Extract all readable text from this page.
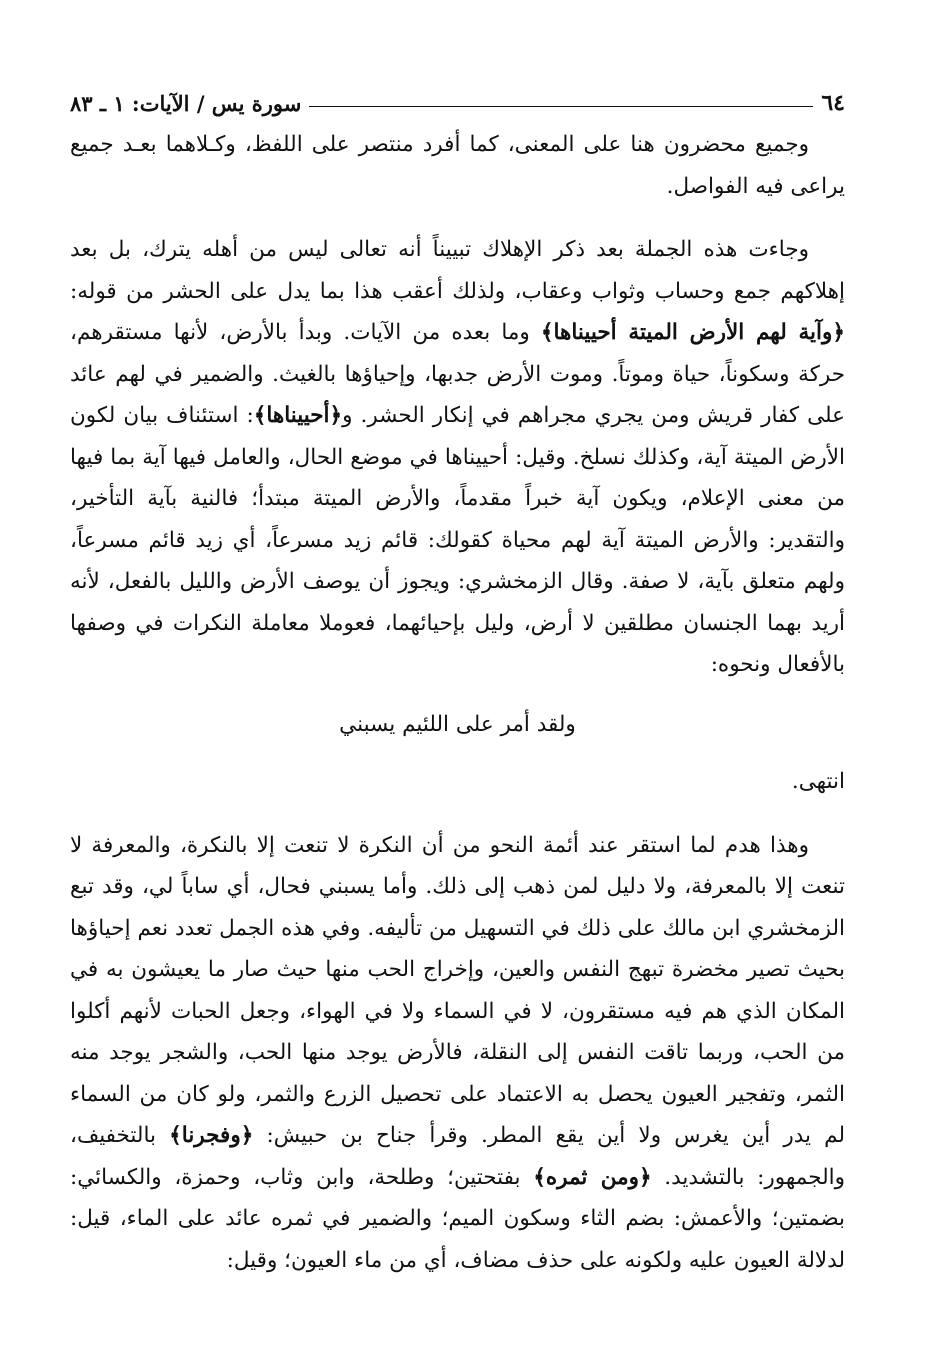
٦٤
سورة يس / الآيات: ١ ـ ٨٣

وجميع محضرون هنا على المعنى، كما أفرد منتصر على اللفظ، وكـلاهما بعـد جميع يراعى فيه الفواصل.

وجاءت هذه الجملة بعد ذكر الإهلاك تبييناً أنه تعالى ليس من أهله يترك، بل بعد إهلاكهم جمع وحساب وثواب وعقاب، ولذلك أعقب هذا بما يدل على الحشر من قوله: ﴿وآية لهم الأرض الميتة أحييناها﴾ وما بعده من الآيات. وبدأ بالأرض، لأنها مستقرهم، حركة وسكوناً، حياة وموتاً. وموت الأرض جدبها، وإحياؤها بالغيث. والضمير في لهم عائد على كفار قريش ومن يجري مجراهم في إنكار الحشر. و﴿أحييناها﴾: استئناف بيان لكون الأرض الميتة آية، وكذلك نسلخ. وقيل: أحييناها في موضع الحال، والعامل فيها آية بما فيها من معنى الإعلام، ويكون آية خبراً مقدماً، والأرض الميتة مبتدأ؛ فالنية بآية التأخير، والتقدير: والأرض الميتة آية لهم محياة كقولك: قائم زيد مسرعاً، أي زيد قائم مسرعاً، ولهم متعلق بآية، لا صفة. وقال الزمخشري: ويجوز أن يوصف الأرض والليل بالفعل، لأنه أريد بهما الجنسان مطلقين لا أرض، وليل بإحيائهما، فعوملا معاملة النكرات في وصفها بالأفعال ونحوه:

ولقد أمر على اللئيم يسبني

انتهى.

وهذا هدم لما استقر عند أئمة النحو من أن النكرة لا تنعت إلا بالنكرة، والمعرفة لا تنعت إلا بالمعرفة، ولا دليل لمن ذهب إلى ذلك. وأما يسبني فحال، أي ساباً لي، وقد تبع الزمخشري ابن مالك على ذلك في التسهيل من تأليفه. وفي هذه الجمل تعدد نعم إحياؤها بحيث تصير مخضرة تبهج النفس والعين، وإخراج الحب منها حيث صار ما يعيشون به في المكان الذي هم فيه مستقرون، لا في السماء ولا في الهواء، وجعل الحبات لأنهم أكلوا من الحب، وربما تاقت النفس إلى النقلة، فالأرض يوجد منها الحب، والشجر يوجد منه الثمر، وتفجير العيون يحصل به الاعتماد على تحصيل الزرع والثمر، ولو كان من السماء لم يدر أين يغرس ولا أين يقع المطر. وقرأ جناح بن حبيش: ﴿وفجرنا﴾ بالتخفيف، والجمهور: بالتشديد. ﴿ومن ثمره﴾ بفتحتين؛ وطلحة، وابن وثاب، وحمزة، والكسائي: بضمتين؛ والأعمش: بضم الثاء وسكون الميم؛ والضمير في ثمره عائد على الماء، قيل: لدلالة العيون عليه ولكونه على حذف مضاف، أي من ماء العيون؛ وقيل:
